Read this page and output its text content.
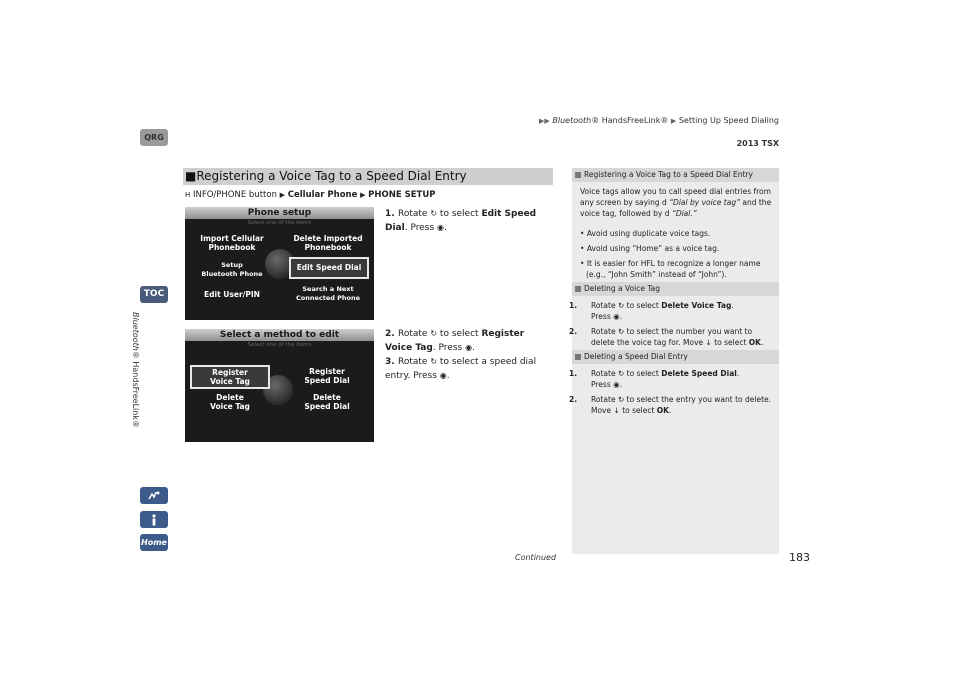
▶▶ Bluetooth® HandsFreeLink® ▶ Setting Up Speed Dialing
2013 TSX
QRG
TOC
Bluetooth® HandsFreeLink®
Home
■Registering a Voice Tag to a Speed Dial Entry
H INFO/PHONE button ▶ Cellular Phone ▶ PHONE SETUP
Phone setup
Select one of the items
Import Cellular
Phonebook
Delete Imported
Phonebook
Setup
Bluetooth Phone
Edit Speed Dial
Edit User/PIN
Search a Next
Connected Phone
Select a method to edit
Select one of the items
Register
Voice Tag
Register
Speed Dial
Delete
Voice Tag
Delete
Speed Dial
1. Rotate ↻ to select Edit Speed Dial. Press ◉.
2. Rotate ↻ to select Register Voice Tag. Press ◉.
3. Rotate ↻ to select a speed dial entry. Press ◉.
Registering a Voice Tag to a Speed Dial Entry
Voice tags allow you to call speed dial entries from any screen by saying d “Dial by voice tag” and the voice tag, followed by d “Dial.”
• Avoid using duplicate voice tags.
• Avoid using “Home” as a voice tag.
• It is easier for HFL to recognize a longer name (e.g., “John Smith” instead of “John”).
Deleting a Voice Tag
1. Rotate ↻ to select Delete Voice Tag.
Press ◉.
2. Rotate ↻ to select the number you want to delete the voice tag for. Move ↓ to select OK.
Deleting a Speed Dial Entry
1. Rotate ↻ to select Delete Speed Dial.
Press ◉.
2. Rotate ↻ to select the entry you want to delete. Move ↓ to select OK.
Continued	183
